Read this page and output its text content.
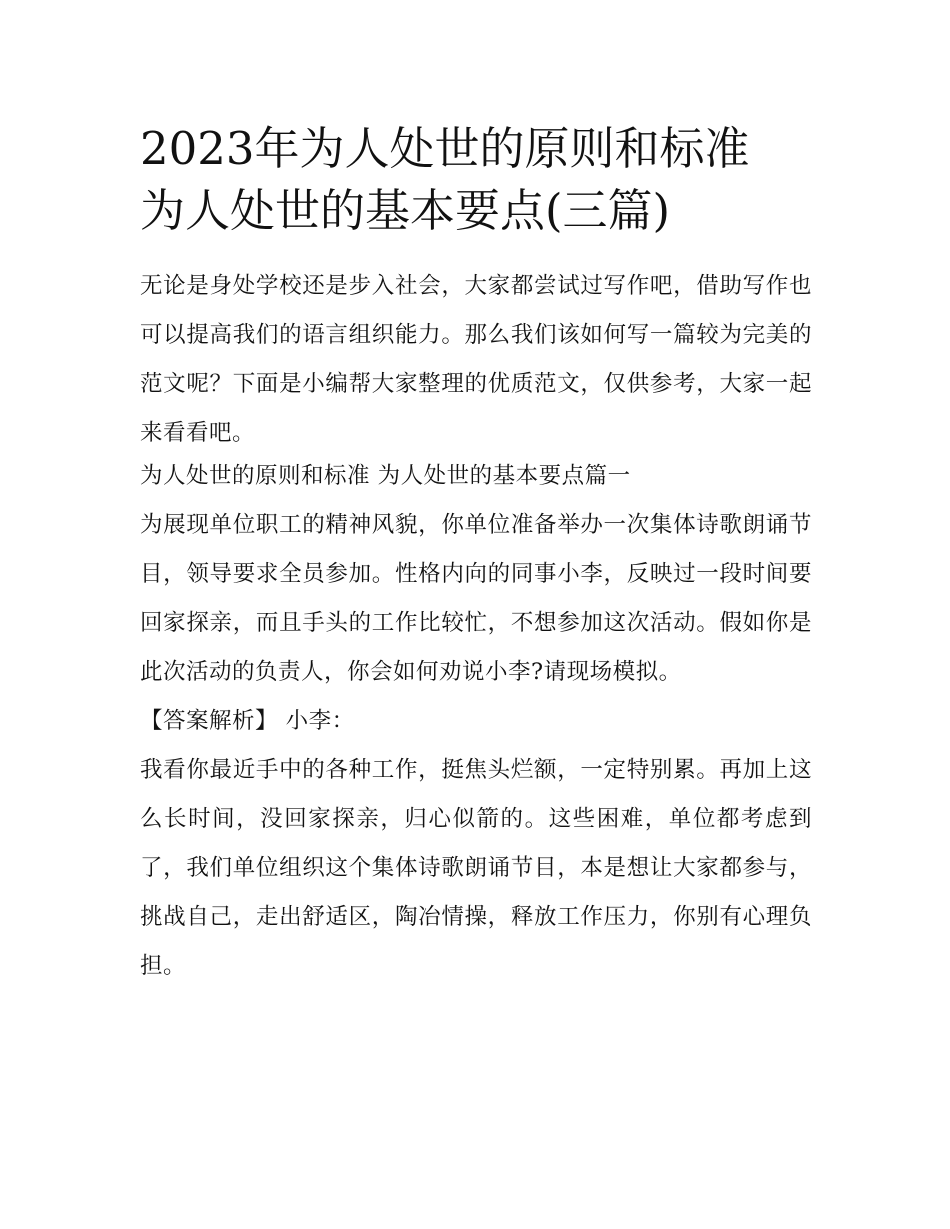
2023年为人处世的原则和标准
为人处世的基本要点(三篇)

无论是身处学校还是步入社会，大家都尝试过写作吧，借助写作也可以提高我们的语言组织能力。那么我们该如何写一篇较为完美的范文呢？下面是小编帮大家整理的优质范文，仅供参考，大家一起来看看吧。

为人处世的原则和标准 为人处世的基本要点篇一

为展现单位职工的精神风貌，你单位准备举办一次集体诗歌朗诵节目，领导要求全员参加。性格内向的同事小李，反映过一段时间要回家探亲，而且手头的工作比较忙，不想参加这次活动。假如你是此次活动的负责人，你会如何劝说小李?请现场模拟。

【答案解析】 小李：

我看你最近手中的各种工作，挺焦头烂额，一定特别累。再加上这么长时间，没回家探亲，归心似箭的。这些困难，单位都考虑到了，我们单位组织这个集体诗歌朗诵节目，本是想让大家都参与，挑战自己，走出舒适区，陶冶情操，释放工作压力，你别有心理负担。
